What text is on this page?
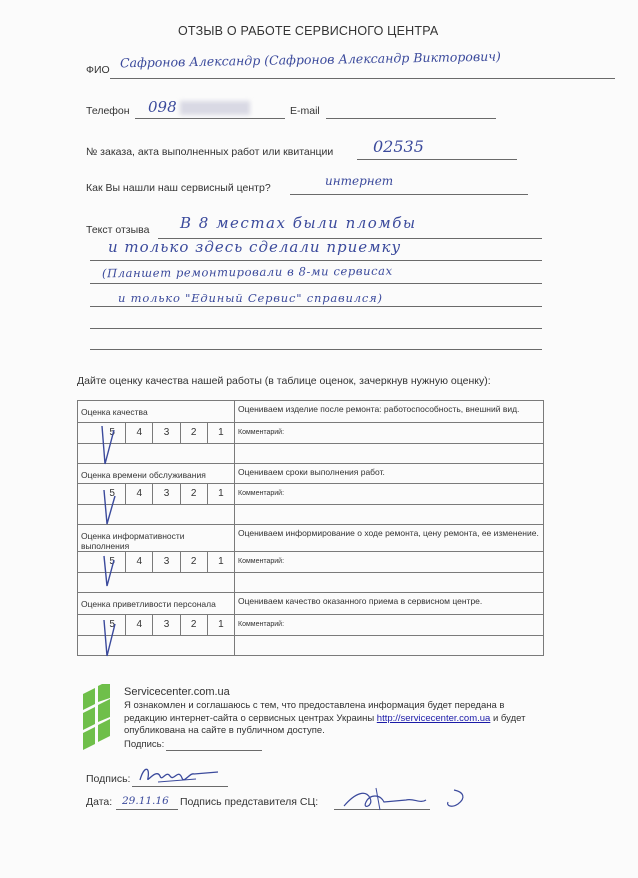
ОТЗЫВ О РАБОТЕ СЕРВИСНОГО ЦЕНТРА
ФИО Сафронов Александр (Сафронов Александр Викторович)
Телефон 098	E-mail
№ заказа, акта выполненных работ или квитанции 02535
Как Вы нашли наш сервисный центр?	интернет
Текст отзыва В 8 местах были пломбы
и только здесь сделали приемку
(Планшет ремонтировали в 8-ми сервисах
и только "Единый Сервис" справился)
Дайте оценку качества нашей работы (в таблице оценок, зачеркнув нужную оценку):
Оценка качества	Оцениваем изделие после ремонта: работоспособность, внешний вид.

5 4 3 2 1	Комментарий:

Оценка времени обслуживания	Оцениваем сроки выполнения работ.

5 4 3 2 1	Комментарий:

Оценка информативности выполнения	Оцениваем информирование о ходе ремонта, цену ремонта, ее изменение.

5 4 3 2 1	Комментарий:

Оценка приветливости персонала	Оцениваем качество оказанного приема в сервисном центре.

5 4 3 2 1	Комментарий:

Servicecenter.com.ua
Я ознакомлен и соглашаюсь с тем, что предоставлена информация будет передана в редакцию интернет-сайта о сервисных центрах Украины http://servicecenter.com.ua и будет опубликована на сайте в публичном доступе.
Подпись:
Подпись:
Дата: 29.11.16 Подпись представителя СЦ:
